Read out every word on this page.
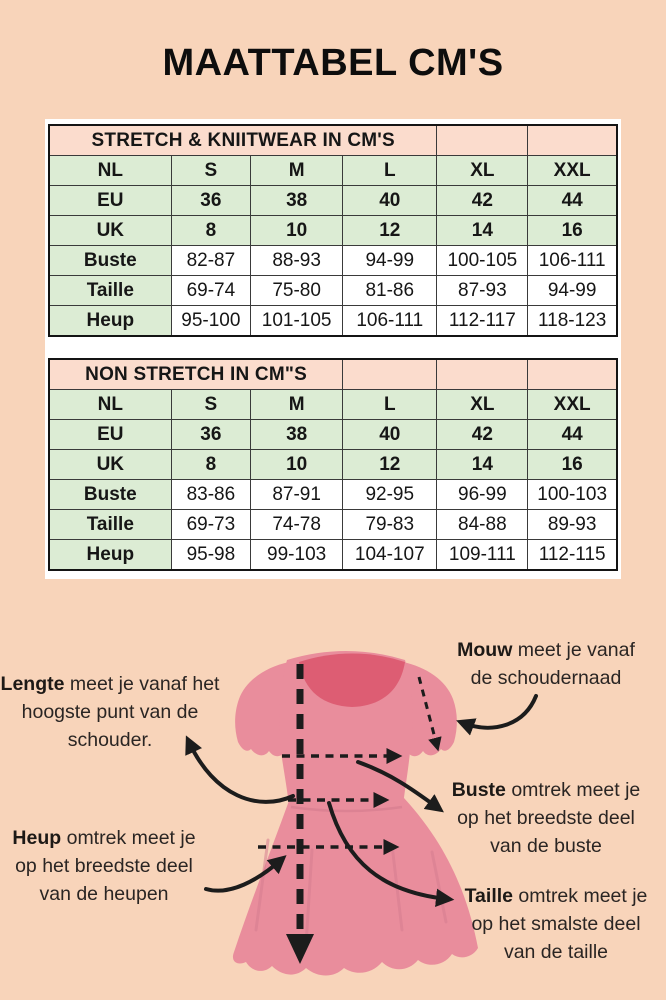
MAATTABEL CM'S
STRETCH & KNIITWEAR IN CM'S					
NL	S	M	L	XL	XXL
EU	36	38	40	42	44
UK	8	10	12	14	16
Buste	82-87	88-93	94-99	100-105	106-111
Taille	69-74	75-80	81-86	87-93	94-99
Heup	95-100	101-105	106-111	112-117	118-123
NON STRETCH IN CM"S					
NL	S	M	L	XL	XXL
EU	36	38	40	42	44
UK	8	10	12	14	16
Buste	83-86	87-91	92-95	96-99	100-103
Taille	69-73	74-78	79-83	84-88	89-93
Heup	95-98	99-103	104-107	109-111	112-115
Mouw meet je vanaf
de schoudernaad
Lengte meet je vanaf het
hoogste punt van de
schouder.
Buste omtrek meet je
op het breedste deel
van de buste
Heup omtrek meet je
op het breedste deel
van de heupen	Taille omtrek meet je
op het smalste deel
van de taille
